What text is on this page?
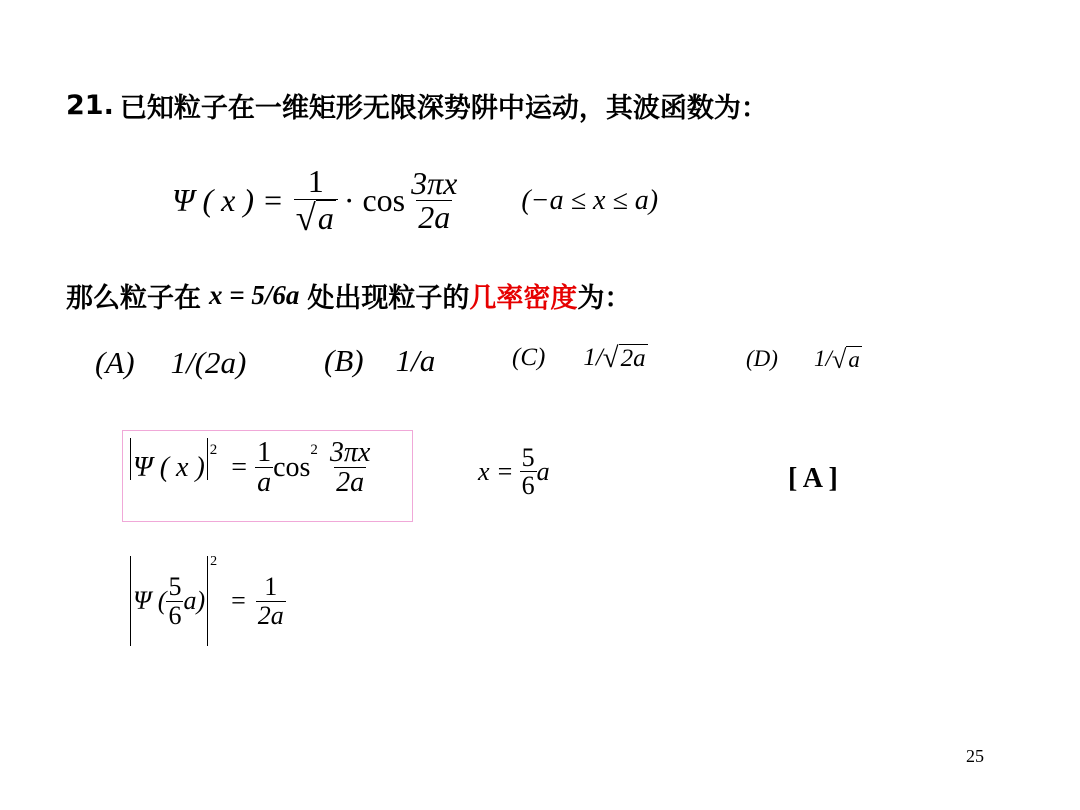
21. 已知粒子在一维矩形无限深势阱中运动，其波函数为：
Ψ ( x ) = $\frac{1}{√ a} \cdot \cos \frac{3\pi x}{2a} (-a \le x \le a)$
那么粒子在 x = 5/6a 处出现粒子的 几率密度 为：
(A) 1/(2a)	(B) 1/a	(C) 1/ √ 2a	(D) 1/ √ a
Ψ ( x )
$^2$
= $\frac{1}{a}$ cos
$^2 \frac{3\pi x}{2a}$	$x = \frac{5}{6}$ a	[ A ]
Ψ ( $\frac{5}{6} a$)
$^2$
= $\frac{1}{2a}$
25
